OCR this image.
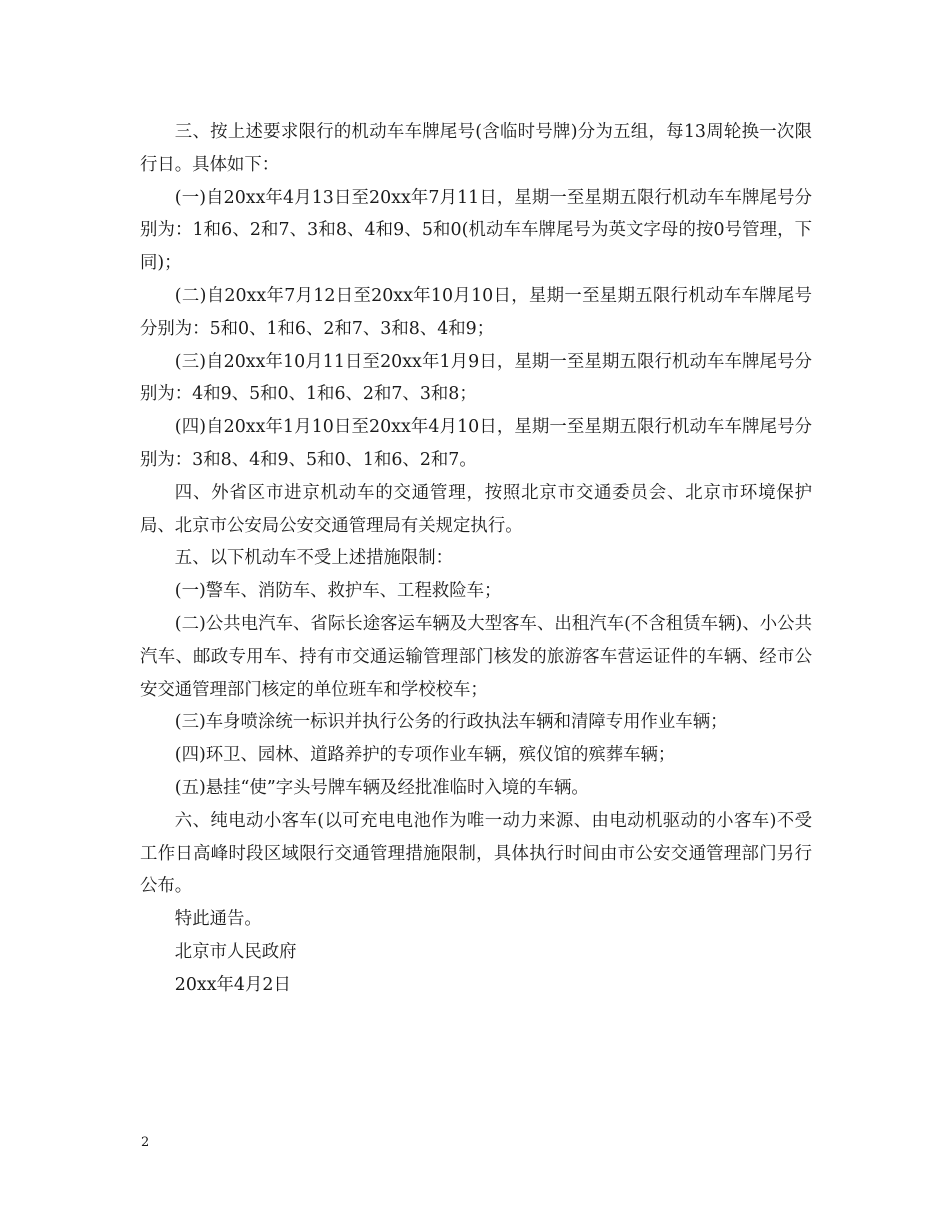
三、按上述要求限行的机动车车牌尾号(含临时号牌)分为五组，每13周轮换一次限行日。具体如下：

(一)自20xx年4月13日至20xx年7月11日，星期一至星期五限行机动车车牌尾号分别为：1和6、2和7、3和8、4和9、5和0(机动车车牌尾号为英文字母的按0号管理，下同)；

(二)自20xx年7月12日至20xx年10月10日，星期一至星期五限行机动车车牌尾号分别为：5和0、1和6、2和7、3和8、4和9；

(三)自20xx年10月11日至20xx年1月9日，星期一至星期五限行机动车车牌尾号分别为：4和9、5和0、1和6、2和7、3和8；

(四)自20xx年1月10日至20xx年4月10日，星期一至星期五限行机动车车牌尾号分别为：3和8、4和9、5和0、1和6、2和7。

四、外省区市进京机动车的交通管理，按照北京市交通委员会、北京市环境保护局、北京市公安局公安交通管理局有关规定执行。

五、以下机动车不受上述措施限制：

(一)警车、消防车、救护车、工程救险车；

(二)公共电汽车、省际长途客运车辆及大型客车、出租汽车(不含租赁车辆)、小公共汽车、邮政专用车、持有市交通运输管理部门核发的旅游客车营运证件的车辆、经市公安交通管理部门核定的单位班车和学校校车；

(三)车身喷涂统一标识并执行公务的行政执法车辆和清障专用作业车辆；

(四)环卫、园林、道路养护的专项作业车辆，殡仪馆的殡葬车辆；

(五)悬挂“使”字头号牌车辆及经批准临时入境的车辆。

六、纯电动小客车(以可充电电池作为唯一动力来源、由电动机驱动的小客车)不受工作日高峰时段区域限行交通管理措施限制，具体执行时间由市公安交通管理部门另行公布。

特此通告。

北京市人民政府

20xx年4月2日

2
